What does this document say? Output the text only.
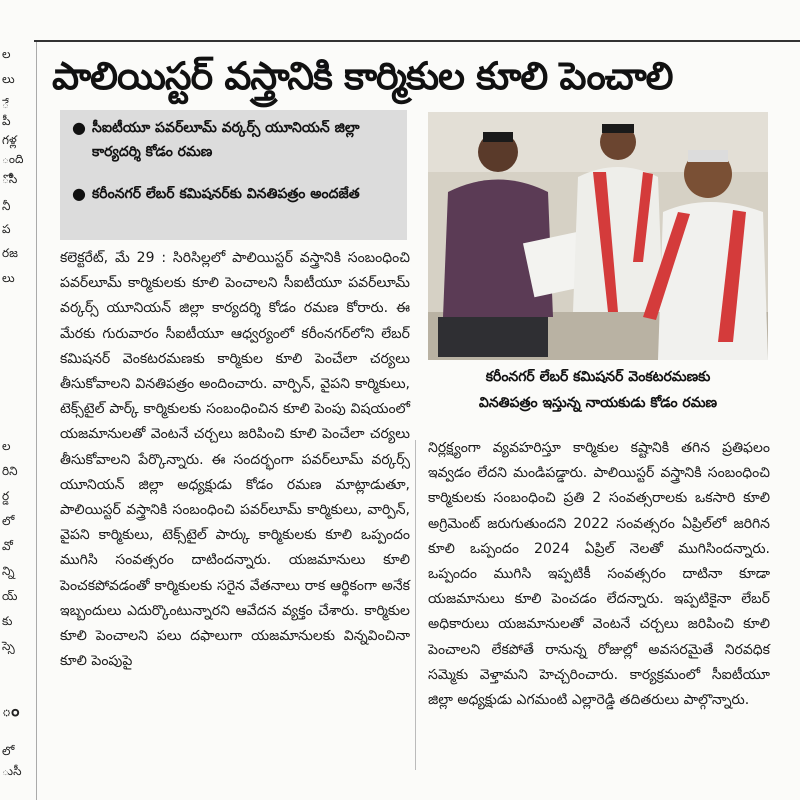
ల
లు
ే
పీ
గళ్ల
ంది
ోసి
నీ
ప
రజ
లు
ల
రిని
ర్డ
లో
వో
న్ని
య్
కు
స్సె
ం
లో
ుసీ
పాలియిస్టర్ వస్త్రానికి కార్మికుల కూలి పెంచాలి
● సీఐటీయూ పవర్‌లూమ్ వర్కర్స్ యూనియన్ జిల్లా కార్యదర్శి కోడం రమణ
● కరీంనగర్ లేబర్ కమిషనర్‌కు వినతిపత్రం అందజేత

కలెక్టరేట్, మే 29 : సిరిసిల్లలో పాలియిస్టర్ వస్త్రానికి సంబంధించి పవర్‌లూమ్ కార్మికులకు కూలి పెంచాలని సీఐటీయూ పవర్‌లూమ్ వర్కర్స్ యూనియన్ జిల్లా కార్యదర్శి కోడం రమణ కోరారు. ఈ మేరకు గురువారం సీఐటీయూ ఆధ్వర్యంలో కరీంనగర్‌లోని లేబర్ కమిషనర్ వెంకటరమణకు కార్మికుల కూలి పెంచేలా చర్యలు తీసుకోవాలని వినతిపత్రం అందించారు. వార్పిన్, వైపని కార్మికులు, టెక్స్‌టైల్ పార్క్ కార్మికులకు సంబంధించిన కూలి పెంపు విషయంలో యజమానులతో వెంటనే చర్చలు జరిపించి కూలి పెంచేలా చర్యలు తీసుకోవాలని పేర్కొన్నారు. ఈ సందర్భంగా పవర్‌లూమ్ వర్కర్స్ యూనియన్ జిల్లా అధ్యక్షుడు కోడం రమణ మాట్లాడుతూ, పాలియిస్టర్ వస్త్రానికి సంబంధించి పవర్‌లూమ్ కార్మికులు, వార్పిన్, వైపని కార్మికులు, టెక్స్‌టైల్ పార్కు కార్మికులకు కూలి ఒప్పందం ముగిసి సంవత్సరం దాటిందన్నారు. యజమానులు కూలి పెంచకపోవడంతో కార్మికులకు సరైన వేతనాలు రాక ఆర్థికంగా అనేక ఇబ్బందులు ఎదుర్కొంటున్నారని ఆవేదన వ్యక్తం చేశారు. కార్మికుల కూలి పెంచాలని పలు దఫాలుగా యజమానులకు విన్నవించినా కూలి పెంపుపై

కరీంనగర్ లేబర్ కమిషనర్ వెంకటరమణకు
వినతిపత్రం ఇస్తున్న నాయకుడు కోడం రమణ

నిర్లక్ష్యంగా వ్యవహరిస్తూ కార్మికుల కష్టానికి తగిన ప్రతిఫలం ఇవ్వడం లేదని మండిపడ్డారు. పాలియిస్టర్ వస్త్రానికి సంబంధించి కార్మికులకు సంబంధించి ప్రతి 2 సంవత్సరాలకు ఒకసారి కూలి అగ్రిమెంట్ జరుగుతుందని 2022 సంవత్సరం ఏప్రిల్‌లో జరిగిన కూలి ఒప్పందం 2024 ఏప్రిల్ నెలతో ముగిసిందన్నారు. ఒప్పందం ముగిసి ఇప్పటికీ సంవత్సరం దాటినా కూడా యజమానులు కూలి పెంచడం లేదన్నారు. ఇప్పటికైనా లేబర్ అధికారులు యజమానులతో వెంటనే చర్చలు జరిపించి కూలి పెంచాలని లేకపోతే రానున్న రోజుల్లో అవసరమైతే నిరవధిక సమ్మెకు వెళ్తామని హెచ్చరించారు. కార్యక్రమంలో సీఐటీయూ జిల్లా అధ్యక్షుడు ఎగమంటి ఎల్లారెడ్డి తదితరులు పాల్గొన్నారు.
